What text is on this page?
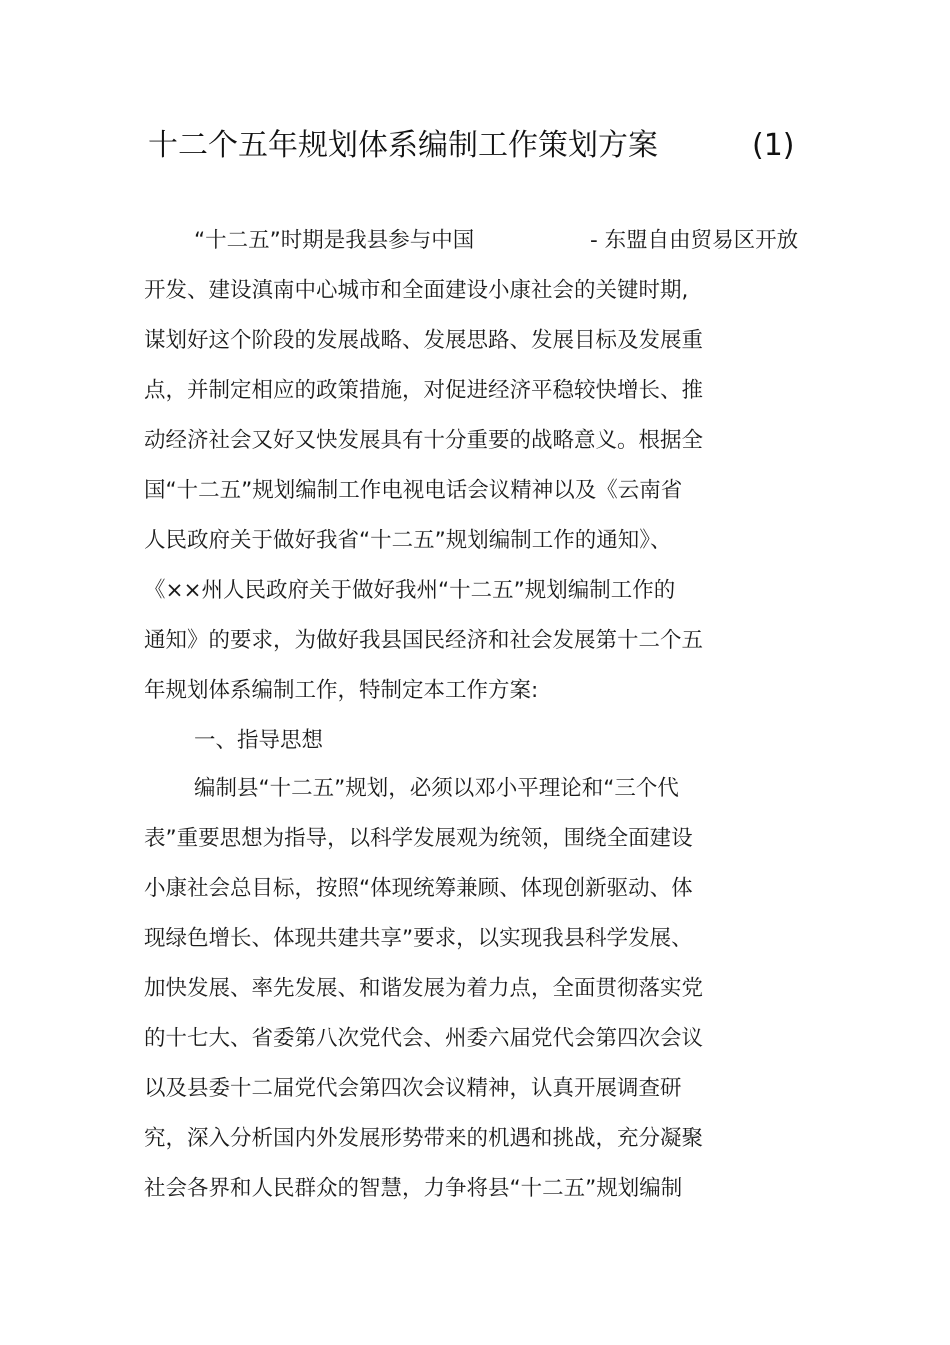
十二个五年规划体系编制工作策划方案	(1)
“十二五”时期是我县参与中国	- 东盟自由贸易区开放
开发、建设滇南中心城市和全面建设小康社会的关键时期,
谋划好这个阶段的发展战略、发展思路、发展目标及发展重
点，并制定相应的政策措施，对促进经济平稳较快增长、推
动经济社会又好又快发展具有十分重要的战略意义。根据全
国“十二五”规划编制工作电视电话会议精神以及《云南省
人民政府关于做好我省“十二五”规划编制工作的通知》、
《××州人民政府关于做好我州“十二五”规划编制工作的
通知》的要求，为做好我县国民经济和社会发展第十二个五
年规划体系编制工作，特制定本工作方案:
一、指导思想
编制县“十二五”规划，必须以邓小平理论和“三个代
表”重要思想为指导，以科学发展观为统领，围绕全面建设
小康社会总目标，按照“体现统筹兼顾、体现创新驱动、体
现绿色增长、体现共建共享”要求，以实现我县科学发展、
加快发展、率先发展、和谐发展为着力点，全面贯彻落实党
的十七大、省委第八次党代会、州委六届党代会第四次会议
以及县委十二届党代会第四次会议精神，认真开展调查研
究，深入分析国内外发展形势带来的机遇和挑战，充分凝聚
社会各界和人民群众的智慧，力争将县“十二五”规划编制
